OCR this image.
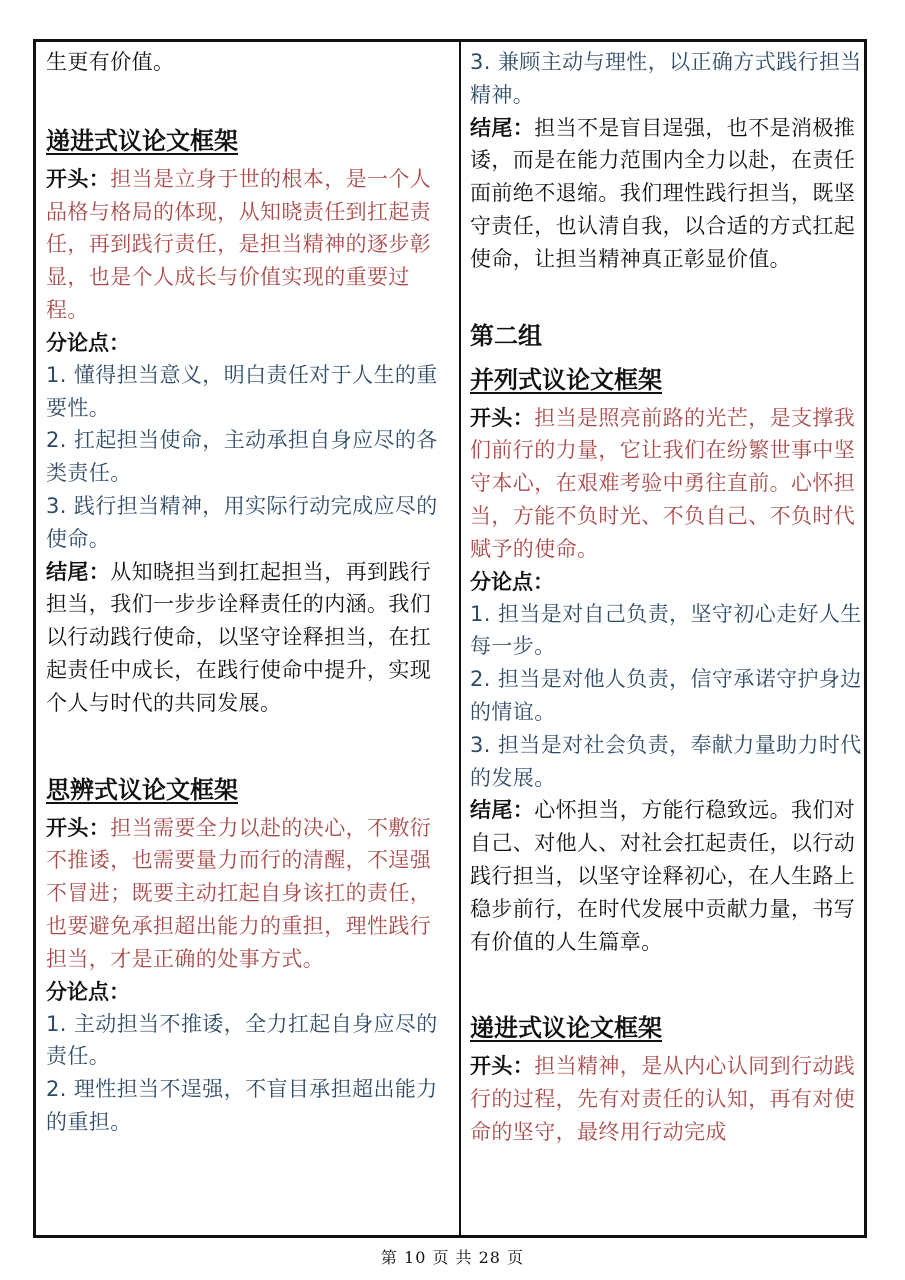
生更有价值。

递进式议论文框架

开头：担当是立身于世的根本，是一个人品格与格局的体现，从知晓责任到扛起责任，再到践行责任，是担当精神的逐步彰显，也是个人成长与价值实现的重要过程。

分论点：

1. 懂得担当意义，明白责任对于人生的重要性。

2. 扛起担当使命，主动承担自身应尽的各类责任。

3. 践行担当精神，用实际行动完成应尽的使命。

结尾：从知晓担当到扛起担当，再到践行担当，我们一步步诠释责任的内涵。我们以行动践行使命，以坚守诠释担当，在扛起责任中成长，在践行使命中提升，实现个人与时代的共同发展。

思辨式议论文框架

开头：担当需要全力以赴的决心，不敷衍不推诿，也需要量力而行的清醒，不逞强不冒进；既要主动扛起自身该扛的责任，也要避免承担超出能力的重担，理性践行担当，才是正确的处事方式。

分论点：

1. 主动担当不推诿，全力扛起自身应尽的责任。

2. 理性担当不逞强，不盲目承担超出能力的重担。

3. 兼顾主动与理性，以正确方式践行担当精神。

结尾：担当不是盲目逞强，也不是消极推诿，而是在能力范围内全力以赴，在责任面前绝不退缩。我们理性践行担当，既坚守责任，也认清自我，以合适的方式扛起使命，让担当精神真正彰显价值。

第二组

并列式议论文框架

开头：担当是照亮前路的光芒，是支撑我们前行的力量，它让我们在纷繁世事中坚守本心，在艰难考验中勇往直前。心怀担当，方能不负时光、不负自己、不负时代赋予的使命。

分论点：

1. 担当是对自己负责，坚守初心走好人生每一步。

2. 担当是对他人负责，信守承诺守护身边的情谊。

3. 担当是对社会负责，奉献力量助力时代的发展。

结尾：心怀担当，方能行稳致远。我们对自己、对他人、对社会扛起责任，以行动践行担当，以坚守诠释初心，在人生路上稳步前行，在时代发展中贡献力量，书写有价值的人生篇章。

递进式议论文框架

开头：担当精神，是从内心认同到行动践行的过程，先有对责任的认知，再有对使命的坚守，最终用行动完成

第 10 页 共 28 页
